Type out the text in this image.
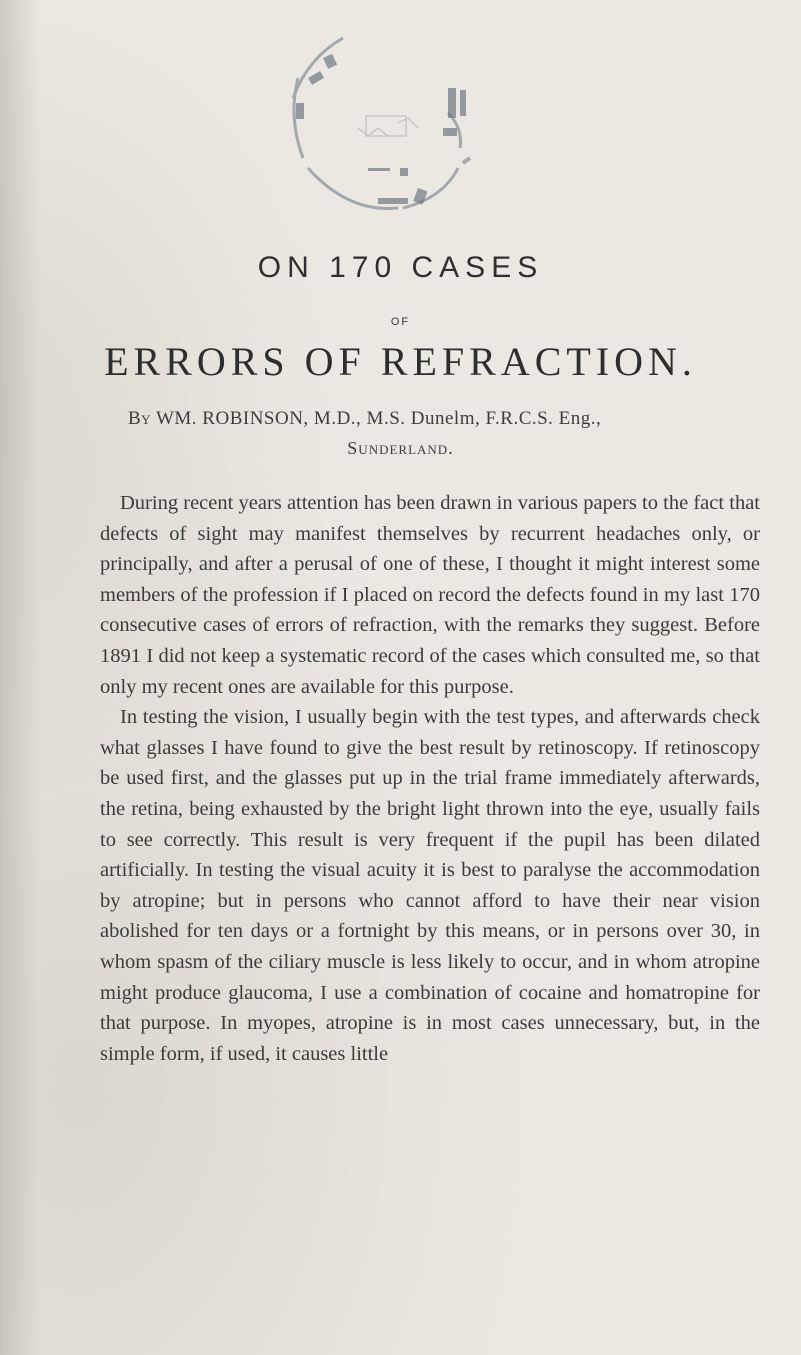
ON 170 CASES
OF
ERRORS OF REFRACTION.
By WM. ROBINSON, M.D., M.S. Dunelm, F.R.C.S. Eng.,
Sunderland.

During recent years attention has been drawn in various papers to the fact that defects of sight may manifest themselves by recurrent headaches only, or principally, and after a perusal of one of these, I thought it might interest some members of the profession if I placed on record the defects found in my last 170 consecutive cases of errors of refraction, with the remarks they suggest. Before 1891 I did not keep a systematic record of the cases which consulted me, so that only my recent ones are available for this purpose.

In testing the vision, I usually begin with the test types, and afterwards check what glasses I have found to give the best result by retinoscopy. If retinoscopy be used first, and the glasses put up in the trial frame immediately afterwards, the retina, being exhausted by the bright light thrown into the eye, usually fails to see correctly. This result is very frequent if the pupil has been dilated artificially. In testing the visual acuity it is best to paralyse the accommodation by atropine; but in persons who cannot afford to have their near vision abolished for ten days or a fortnight by this means, or in persons over 30, in whom spasm of the ciliary muscle is less likely to occur, and in whom atropine might produce glaucoma, I use a combination of cocaine and homatropine for that purpose. In myopes, atropine is in most cases unnecessary, but, in the simple form, if used, it causes little
